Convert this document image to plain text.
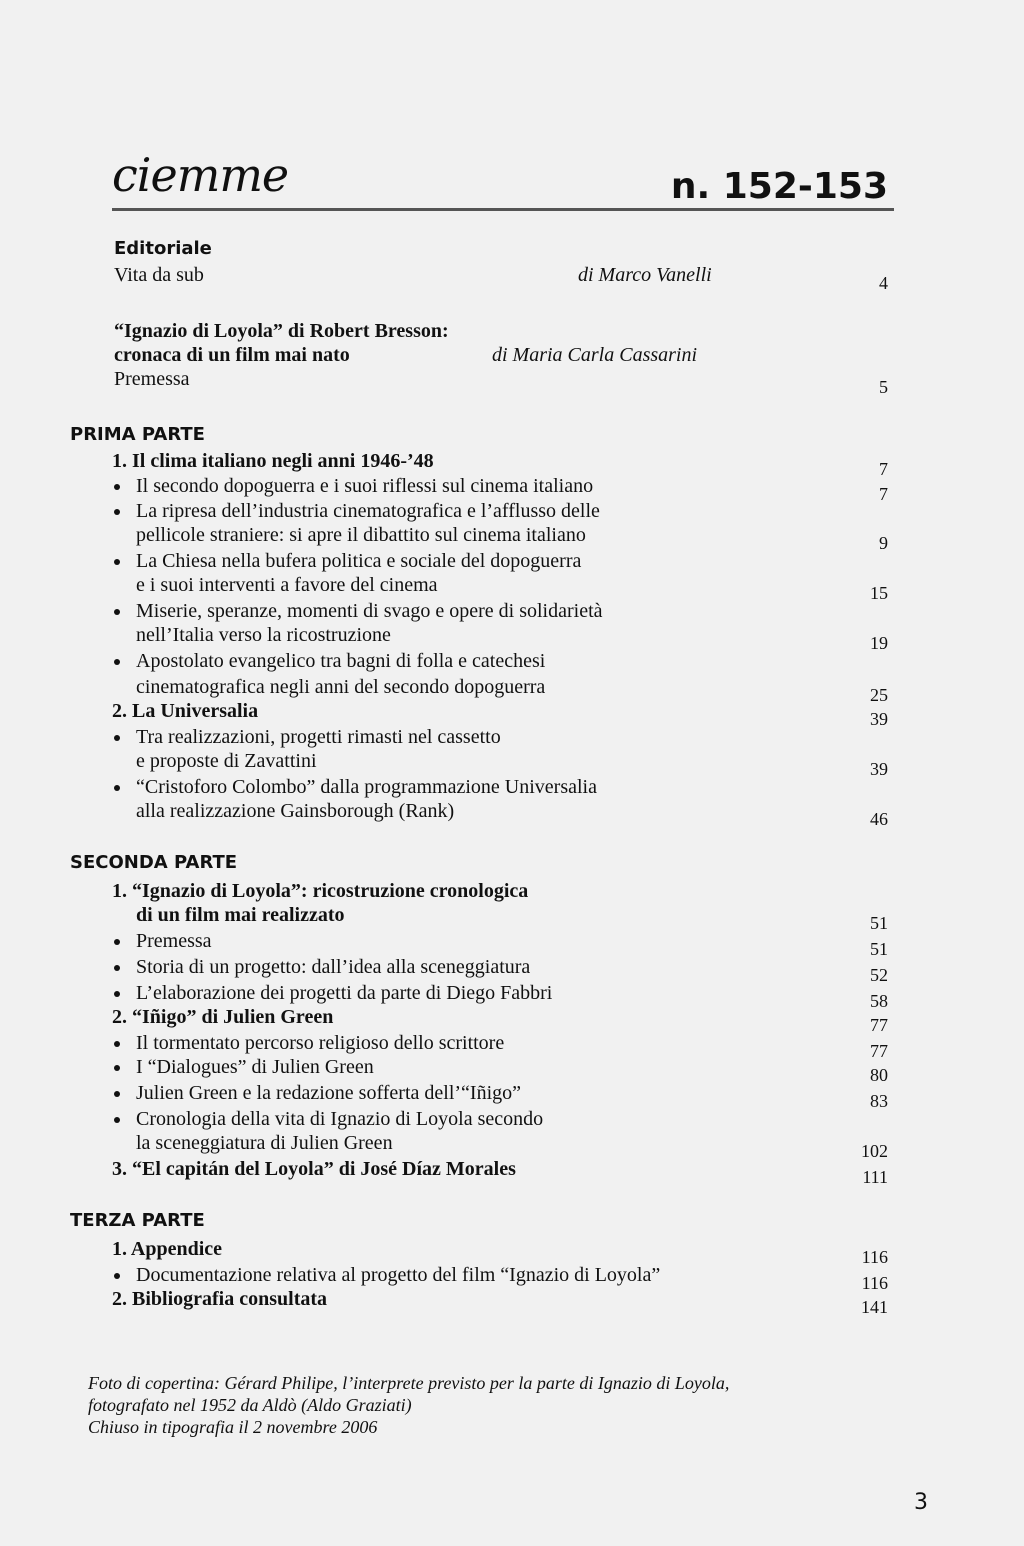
ciemme	n. 152-153
Editoriale
Vita da sub	di Marco Vanelli	4
“Ignazio di Loyola” di Robert Bresson:
cronaca di un film mai nato	di Maria Carla Cassarini
Premessa	5
PRIMA PARTE
1. Il clima italiano negli anni 1946-’48	7
Il secondo dopoguerra e i suoi riflessi sul cinema italiano	7
La ripresa dell’industria cinematografica e l’afflusso delle
pellicole straniere: si apre il dibattito sul cinema italiano	9
La Chiesa nella bufera politica e sociale del dopoguerra
e i suoi interventi a favore del cinema	15
Miserie, speranze, momenti di svago e opere di solidarietà
nell’Italia verso la ricostruzione	19
Apostolato evangelico tra bagni di folla e catechesi
cinematografica negli anni del secondo dopoguerra	25
2. La Universalia	39
Tra realizzazioni, progetti rimasti nel cassetto
e proposte di Zavattini	39
“Cristoforo Colombo” dalla programmazione Universalia
alla realizzazione Gainsborough (Rank)	46
SECONDA PARTE
1. “Ignazio di Loyola”: ricostruzione cronologica
di un film mai realizzato	51
Premessa	51
Storia di un progetto: dall’idea alla sceneggiatura	52
L’elaborazione dei progetti da parte di Diego Fabbri	58
2. “Iñigo” di Julien Green	77
Il tormentato percorso religioso dello scrittore	77
I “Dialogues” di Julien Green	80
Julien Green e la redazione sofferta dell’“Iñigo”	83
Cronologia della vita di Ignazio di Loyola secondo
la sceneggiatura di Julien Green	102
3. “El capitán del Loyola” di José Díaz Morales	111
TERZA PARTE
1. Appendice	116
Documentazione relativa al progetto del film “Ignazio di Loyola”	116
2. Bibliografia consultata	141
Foto di copertina: Gérard Philipe, l’interprete previsto per la parte di Ignazio di Loyola,
fotografato nel 1952 da Aldò (Aldo Graziati)
Chiuso in tipografia il 2 novembre 2006
3
